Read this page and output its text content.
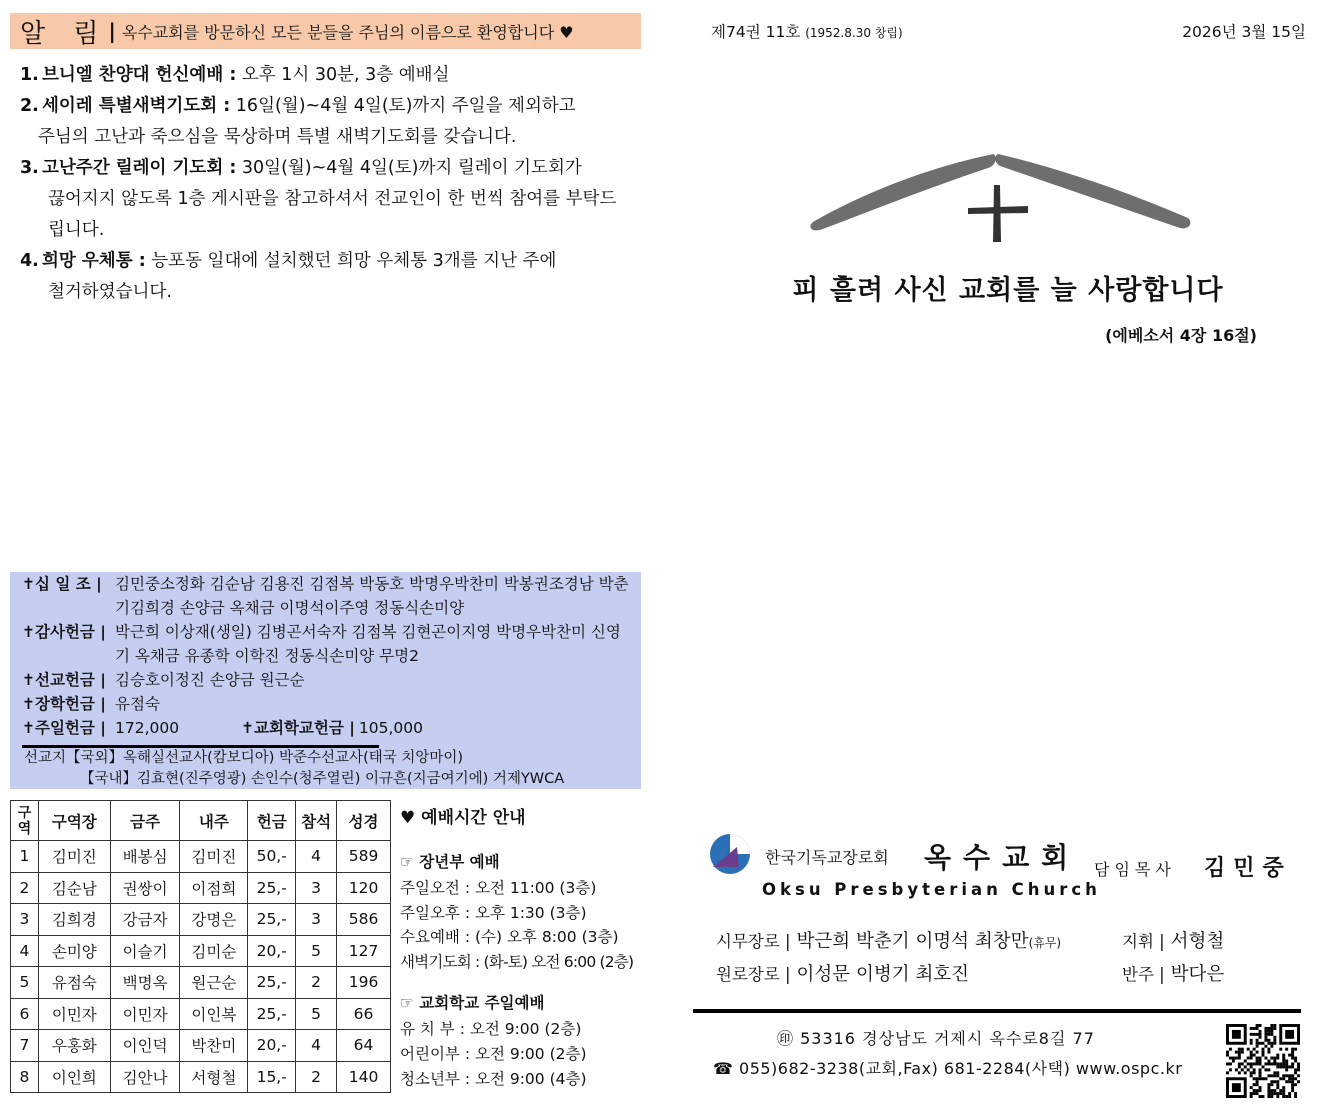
알 림 | 옥수교회를 방문하신 모든 분들을 주님의 이름으로 환영합니다 ♥
1. 브니엘 찬양대 헌신예배 : 오후 1시 30분, 3층 예배실
2. 세이레 특별새벽기도회 : 16일(월)~4월 4일(토)까지 주일을 제외하고
주님의 고난과 죽으심을 묵상하며 특별 새벽기도회를 갖습니다.
3. 고난주간 릴레이 기도회 : 30일(월)~4월 4일(토)까지 릴레이 기도회가
끊어지지 않도록 1층 게시판을 참고하셔서 전교인이 한 번씩 참여를 부탁드립니다.
4. 희망 우체통 : 능포동 일대에 설치했던 희망 우체통 3개를 지난 주에
철거하였습니다.
✝십 일 조 | 김민중소정화 김순남 김용진 김점복 박동호 박명우박찬미 박봉권조경남 박춘기김희경 손양금 옥채금 이명석이주영 정동식손미양
✝감사헌금 | 박근희 이상재(생일) 김병곤서숙자 김점복 김현곤이지영 박명우박찬미 신영기 옥채금 유종학 이학진 정동식손미양 무명2
✝선교헌금 | 김승호이정진 손양금 원근순
✝장학헌금 | 유점숙
✝주일헌금 | 172,000	✝교회학교헌금 | 105,000
선교지【국외】옥해실선교사(캄보디아) 박준수선교사(태국 치앙마이)
【국내】김효현(진주영광) 손인수(청주열린) 이규흔(지금여기에) 거제YWCA
구역	구역장	금주	내주	헌금	참석	성경
1	김미진	배봉심	김미진	50,-	4	589
2	김순남	권쌍이	이점희	25,-	3	120
3	김희경	강금자	강명은	25,-	3	586
4	손미양	이슬기	김미순	20,-	5	127
5	유점숙	백명옥	원근순	25,-	2	196
6	이민자	이민자	이인복	25,-	5	66
7	우홍화	이인덕	박찬미	20,-	4	64
8	이인희	김안나	서형철	15,-	2	140
♥ 예배시간 안내
☞ 장년부 예배
주일오전 : 오전 11:00 (3층)
주일오후 : 오후 1:30 (3층)
수요예배 : (수) 오후 8:00 (3층)
새벽기도회 : (화-토) 오전 6:00 (2층)
☞ 교회학교 주일예배
유 치 부 : 오전 9:00 (2층)
어린이부 : 오전 9:00 (2층)
청소년부 : 오전 9:00 (4층)
제74권 11호 (1952.8.30 창립)	2026년 3월 15일
피 흘려 사신 교회를 늘 사랑합니다
(에베소서 4장 16절)
한국기독교장로회 옥수교회 담임목사 김민중
Oksu Presbyterian Church
시무장로 | 박근희 박춘기 이명석 최창만(휴무)
원로장로 | 이성문 이병기 최호진
지휘 | 서형철
반주 | 박다은
㊞ 53316 경상남도 거제시 옥수로8길 77
☎ 055)682-3238(교회,Fax) 681-2284(사택) www.ospc.kr
